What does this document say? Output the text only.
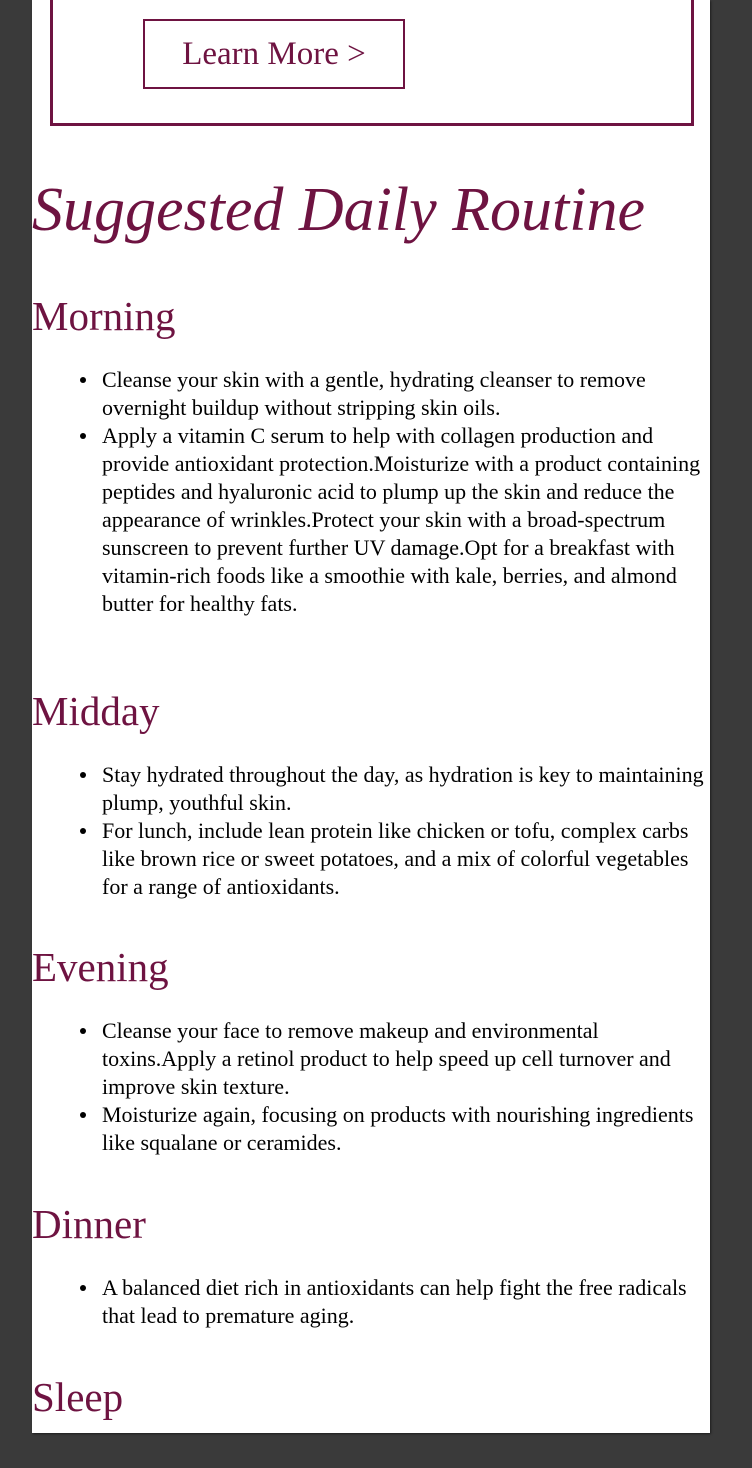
Learn More >
Suggested Daily Routine
Morning
Cleanse your skin with a gentle, hydrating cleanser to remove overnight buildup without stripping skin oils.
Apply a vitamin C serum to help with collagen production and provide antioxidant protection.Moisturize with a product containing peptides and hyaluronic acid to plump up the skin and reduce the appearance of wrinkles.Protect your skin with a broad-spectrum sunscreen to prevent further UV damage.Opt for a breakfast with vitamin-rich foods like a smoothie with kale, berries, and almond butter for healthy fats.
Midday
Stay hydrated throughout the day, as hydration is key to maintaining plump, youthful skin.
For lunch, include lean protein like chicken or tofu, complex carbs like brown rice or sweet potatoes, and a mix of colorful vegetables for a range of antioxidants.
Evening
Cleanse your face to remove makeup and environmental toxins.Apply a retinol product to help speed up cell turnover and improve skin texture.
Moisturize again, focusing on products with nourishing ingredients like squalane or ceramides.
Dinner
A balanced diet rich in antioxidants can help fight the free radicals that lead to premature aging.
Sleep
